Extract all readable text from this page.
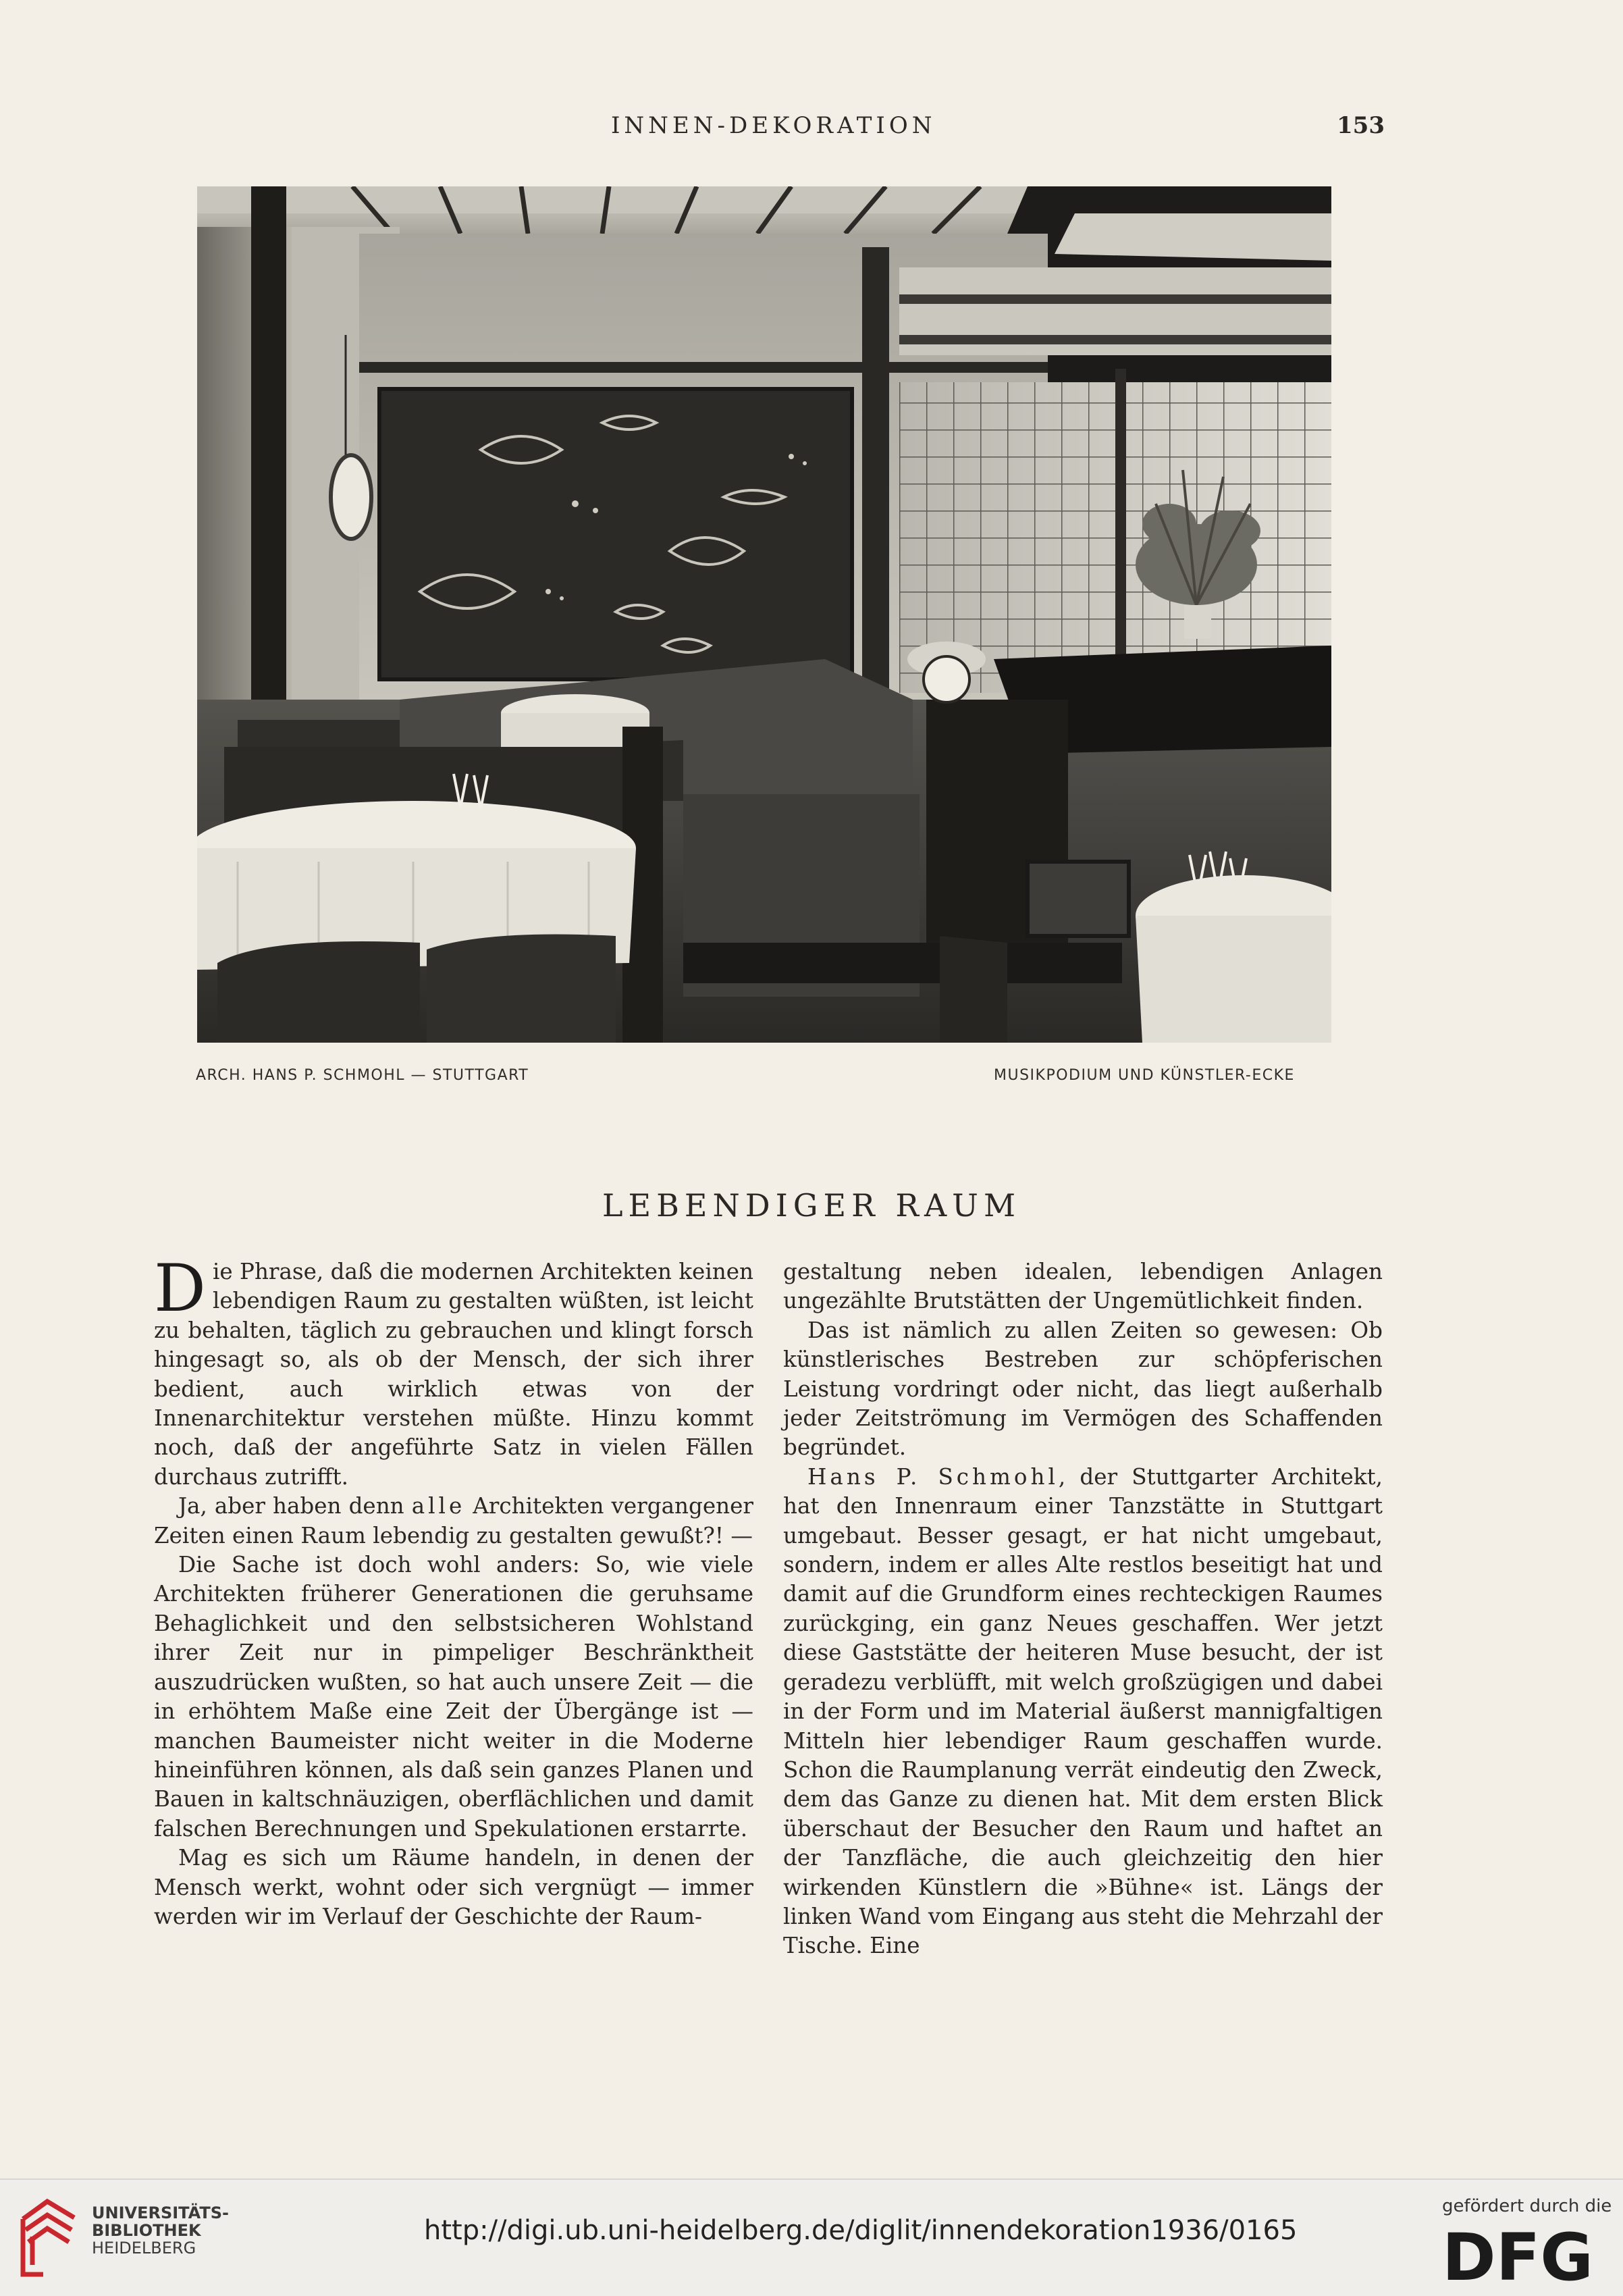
INNEN-DEKORATION	153
ARCH. HANS P. SCHMOHL — STUTTGART	MUSIKPODIUM UND KÜNSTLER-ECKE
LEBENDIGER RAUM

Die Phrase, daß die modernen Architekten keinen lebendigen Raum zu gestalten wüßten, ist leicht zu behalten, täglich zu gebrauchen und klingt forsch hingesagt so, als ob der Mensch, der sich ihrer bedient, auch wirklich etwas von der Innenarchitektur verstehen müßte. Hinzu kommt noch, daß der angeführte Satz in vielen Fällen durchaus zutrifft.

Ja, aber haben denn alle Architekten vergangener Zeiten einen Raum lebendig zu gestalten gewußt?! —

Die Sache ist doch wohl anders: So, wie viele Architekten früherer Generationen die geruhsame Behaglichkeit und den selbstsicheren Wohlstand ihrer Zeit nur in pimpeliger Beschränktheit auszudrücken wußten, so hat auch unsere Zeit — die in erhöhtem Maße eine Zeit der Übergänge ist — manchen Baumeister nicht weiter in die Moderne hineinführen können, als daß sein ganzes Planen und Bauen in kaltschnäuzigen, oberflächlichen und damit falschen Berechnungen und Spekulationen erstarrte.

Mag es sich um Räume handeln, in denen der Mensch werkt, wohnt oder sich vergnügt — immer werden wir im Verlauf der Geschichte der Raum-

gestaltung neben idealen, lebendigen Anlagen ungezählte Brutstätten der Ungemütlichkeit finden.

Das ist nämlich zu allen Zeiten so gewesen: Ob künstlerisches Bestreben zur schöpferischen Leistung vordringt oder nicht, das liegt außerhalb jeder Zeitströmung im Vermögen des Schaffenden begründet.

Hans P. Schmohl, der Stuttgarter Architekt, hat den Innenraum einer Tanzstätte in Stuttgart umgebaut. Besser gesagt, er hat nicht umgebaut, sondern, indem er alles Alte restlos beseitigt hat und damit auf die Grundform eines rechteckigen Raumes zurückging, ein ganz Neues geschaffen. Wer jetzt diese Gaststätte der heiteren Muse besucht, der ist geradezu verblüfft, mit welch großzügigen und dabei in der Form und im Material äußerst mannigfaltigen Mitteln hier lebendiger Raum geschaffen wurde. Schon die Raumplanung verrät eindeutig den Zweck, dem das Ganze zu dienen hat. Mit dem ersten Blick überschaut der Besucher den Raum und haftet an der Tanzfläche, die auch gleichzeitig den hier wirkenden Künstlern die »Bühne« ist. Längs der linken Wand vom Eingang aus steht die Mehrzahl der Tische. Eine

UNIVERSITÄTS-
BIBLIOTHEK
HEIDELBERG
http://digi.ub.uni-heidelberg.de/diglit/innendekoration1936/0165
gefördert durch die
DFG
